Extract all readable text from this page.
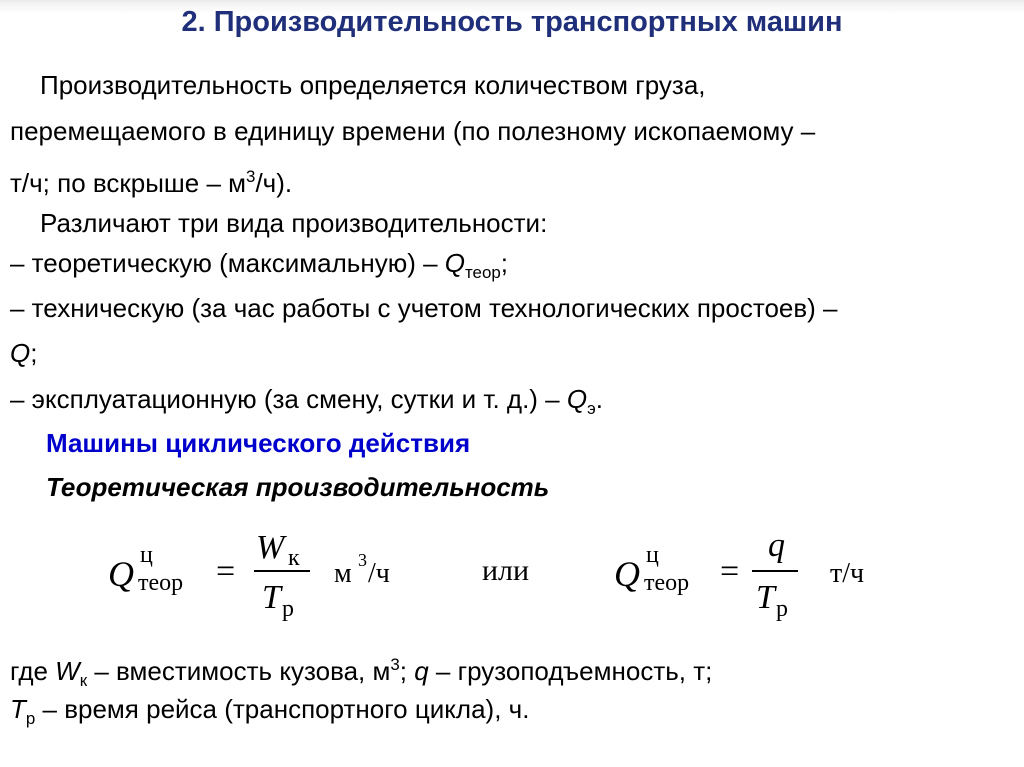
2. Производительность транспортных машин
Производительность определяется количеством груза,
перемещаемого в единицу времени (по полезному ископаемому –
т/ч; по вскрыше – $м^3/ч$).
Различают три вида производительности:
– теоретическую (максимальную) – $Q_{теор}$;
– техническую (за час работы с учетом технологических простоев) –
Q;
– эксплуатационную (за смену, сутки и т. $д.) - Q_э$.
Машины циклического действия
Теоретическая производительность
Q ц
теор =
W к
T р
м 3 /ч	или Q ц
теор =
q
T р
т/ч
где $W_к$ – вместимость кузова, $м^3$; q – грузоподъемность, т;
$T_р$ – время рейса (транспортного цикла), ч.
